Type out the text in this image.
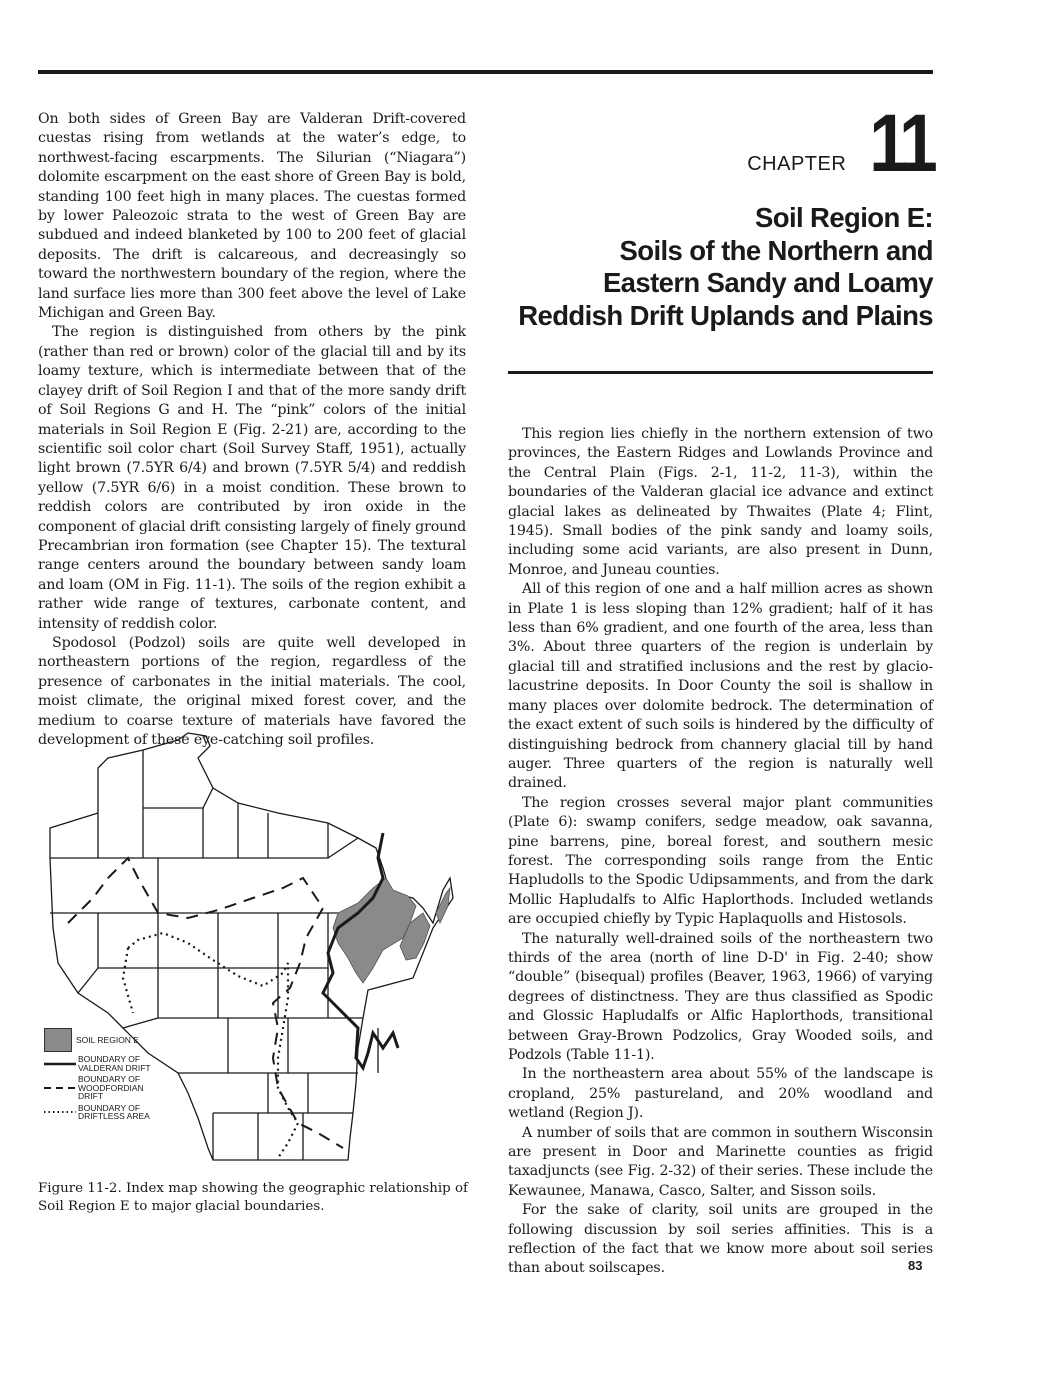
On both sides of Green Bay are Valderan Drift-covered cuestas rising from wetlands at the water’s edge, to northwest-facing escarpments. The Silurian (“Niagara”) dolomite escarpment on the east shore of Green Bay is bold, standing 100 feet high in many places. The cuestas formed by lower Paleozoic strata to the west of Green Bay are subdued and indeed blanketed by 100 to 200 feet of glacial deposits. The drift is calcareous, and decreasingly so toward the northwestern boundary of the region, where the land surface lies more than 300 feet above the level of Lake Michigan and Green Bay.

The region is distinguished from others by the pink (rather than red or brown) color of the glacial till and by its loamy texture, which is intermediate between that of the clayey drift of Soil Region I and that of the more sandy drift of Soil Regions G and H. The “pink” colors of the initial materials in Soil Region E (Fig. 2-21) are, according to the scientific soil color chart (Soil Survey Staff, 1951), actually light brown (7.5YR 6/4) and brown (7.5YR 5/4) and reddish yellow (7.5YR 6/6) in a moist condition. These brown to reddish colors are contributed by iron oxide in the component of glacial drift consisting largely of finely ground Precambrian iron formation (see Chapter 15). The textural range centers around the boundary between sandy loam and loam (OM in Fig. 11-1). The soils of the region exhibit a rather wide range of textures, carbonate content, and intensity of reddish color.

Spodosol (Podzol) soils are quite well developed in northeastern portions of the region, regardless of the presence of carbonates in the initial materials. The cool, moist climate, the original mixed forest cover, and the medium to coarse texture of materials have favored the development of these eye-catching soil profiles.

CHAPTER 11
Soil Region E:
Soils of the Northern and
Eastern Sandy and Loamy
Reddish Drift Uplands and Plains

This region lies chiefly in the northern extension of two provinces, the Eastern Ridges and Lowlands Province and the Central Plain (Figs. 2-1, 11-2, 11-3), within the boundaries of the Valderan glacial ice advance and extinct glacial lakes as delineated by Thwaites (Plate 4; Flint, 1945). Small bodies of the pink sandy and loamy soils, including some acid variants, are also present in Dunn, Monroe, and Juneau counties.

All of this region of one and a half million acres as shown in Plate 1 is less sloping than 12% gradient; half of it has less than 6% gradient, and one fourth of the area, less than 3%. About three quarters of the region is underlain by glacial till and stratified inclusions and the rest by glacio-lacustrine deposits. In Door County the soil is shallow in many places over dolomite bedrock. The determination of the exact extent of such soils is hindered by the difficulty of distinguishing bedrock from channery glacial till by hand auger. Three quarters of the region is naturally well drained.

The region crosses several major plant communities (Plate 6): swamp conifers, sedge meadow, oak savanna, pine barrens, pine, boreal forest, and southern mesic forest. The corresponding soils range from the Entic Hapludolls to the Spodic Udipsamments, and from the dark Mollic Hapludalfs to Alfic Haplorthods. Included wetlands are occupied chiefly by Typic Haplaquolls and Histosols.

The naturally well-drained soils of the northeastern two thirds of the area (north of line D-D' in Fig. 2-40; show “double” (bisequal) profiles (Beaver, 1963, 1966) of varying degrees of distinctness. They are thus classified as Spodic and Glossic Hapludalfs or Alfic Haplorthods, transitional between Gray-Brown Podzolics, Gray Wooded soils, and Podzols (Table 11-1).

In the northeastern area about 55% of the landscape is cropland, 25% pastureland, and 20% woodland and wetland (Region J).

A number of soils that are common in southern Wisconsin are present in Door and Marinette counties as frigid taxadjuncts (see Fig. 2-32) of their series. These include the Kewaunee, Manawa, Casco, Salter, and Sisson soils.

For the sake of clarity, soil units are grouped in the following discussion by soil series affinities. This is a reflection of the fact that we know more about soil series than about soilscapes.

SOIL REGION E
BOUNDARY OF
VALDERAN DRIFT
BOUNDARY OF
WOODFORDIAN
DRIFT
BOUNDARY OF
DRIFTLESS AREA
Figure 11-2. Index map showing the geographic relationship of Soil Region E to major glacial boundaries.
83
